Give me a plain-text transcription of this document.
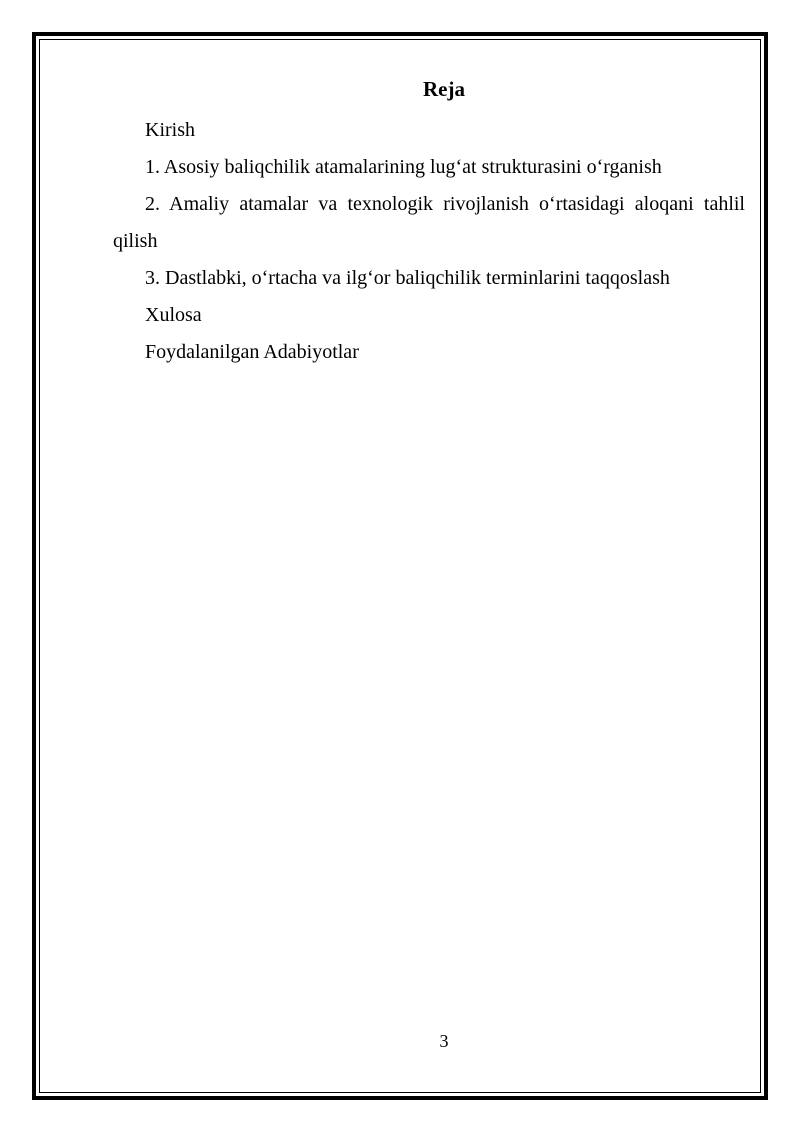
Reja
Kirish
1. Asosiy baliqchilik atamalarining lug‘at strukturasini o‘rganish
2. Amaliy atamalar va texnologik rivojlanish o‘rtasidagi aloqani tahlil qilish
3. Dastlabki, o‘rtacha va ilg‘or baliqchilik terminlarini taqqoslash
Xulosa
Foydalanilgan Adabiyotlar
3
